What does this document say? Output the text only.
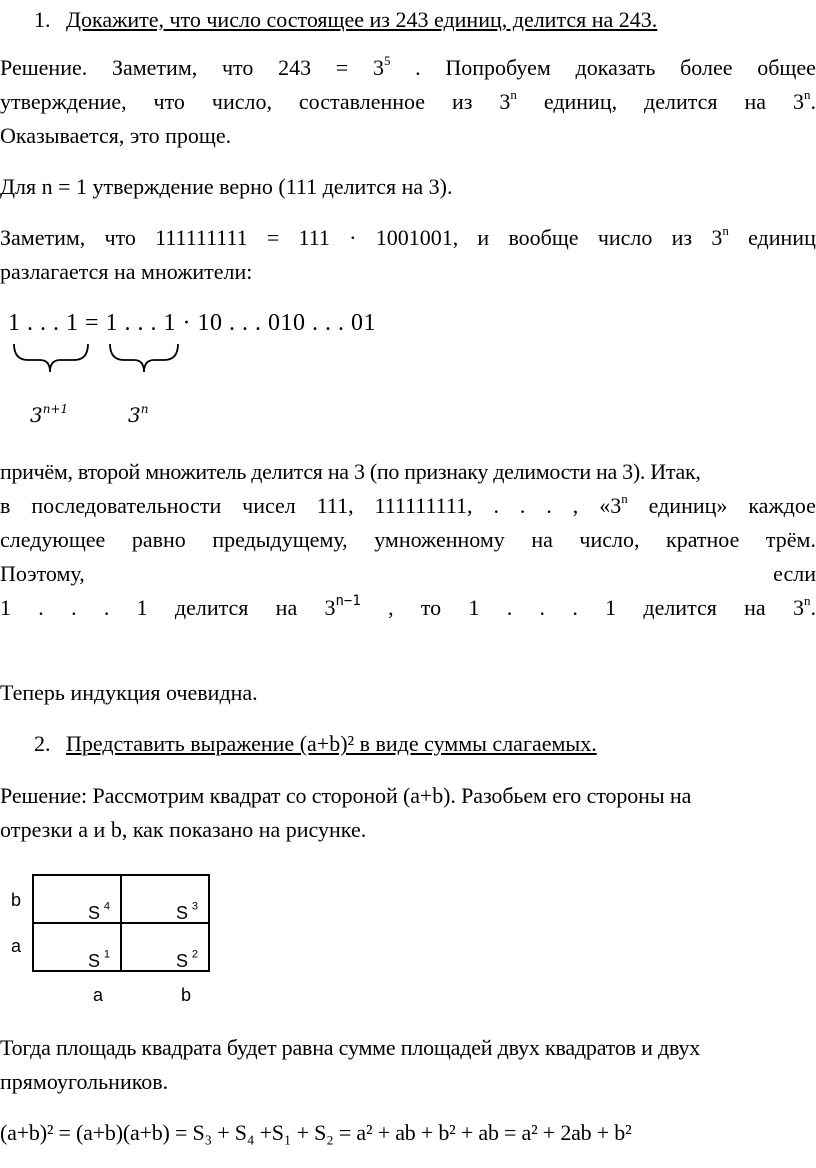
1. Докажите, что число состоящее из 243 единиц, делится на 243.
Решение. Заметим, что $243 = 3^5$ . Попробуем доказать более общее
утверждение, что число, составленное из 3$^n$ единиц, делится на 3$^n$.
Оказывается, это проще.
Для n = 1 утверждение верно (111 делится на 3).
Заметим, что 111111111 = 111 · 1001001, и вообще число из 3$^n$ единиц
разлагается на множители:
1 . . . 1 = 1 . . . 1 · 10 . . . 010 . . . 01
$3^{n+1}$	3$^n$
причём, второй множитель делится на 3 (по признаку делимости на 3). Итак,
в последовательности чисел 111, 111111111, . . . , «3$^n$ единиц» каждое
следующее равно предыдущему, умноженному на число, кратное трём.
Поэтому,	если
1 . . . 1 делится на $3^{n-1}$ , то 1 . . . 1 делится на 3$^n$.
Теперь индукция очевидна.
2. Представить выражение (a+b)² в виде суммы слагаемых.
Решение: Рассмотрим квадрат со стороной (a+b). Разобьем его стороны на
отрезки a и b, как показано на рисунке.
b
a
S $_4$	S $_3$
S $_1$	S $_2$
a	b
Тогда площадь квадрата будет равна сумме площадей двух квадратов и двух
прямоугольников.
(a+b)² = (a+b)(a+b) = S₃ + S₄ +S₁ + S₂ = a² + ab + b² + ab = a² + 2ab + b²
